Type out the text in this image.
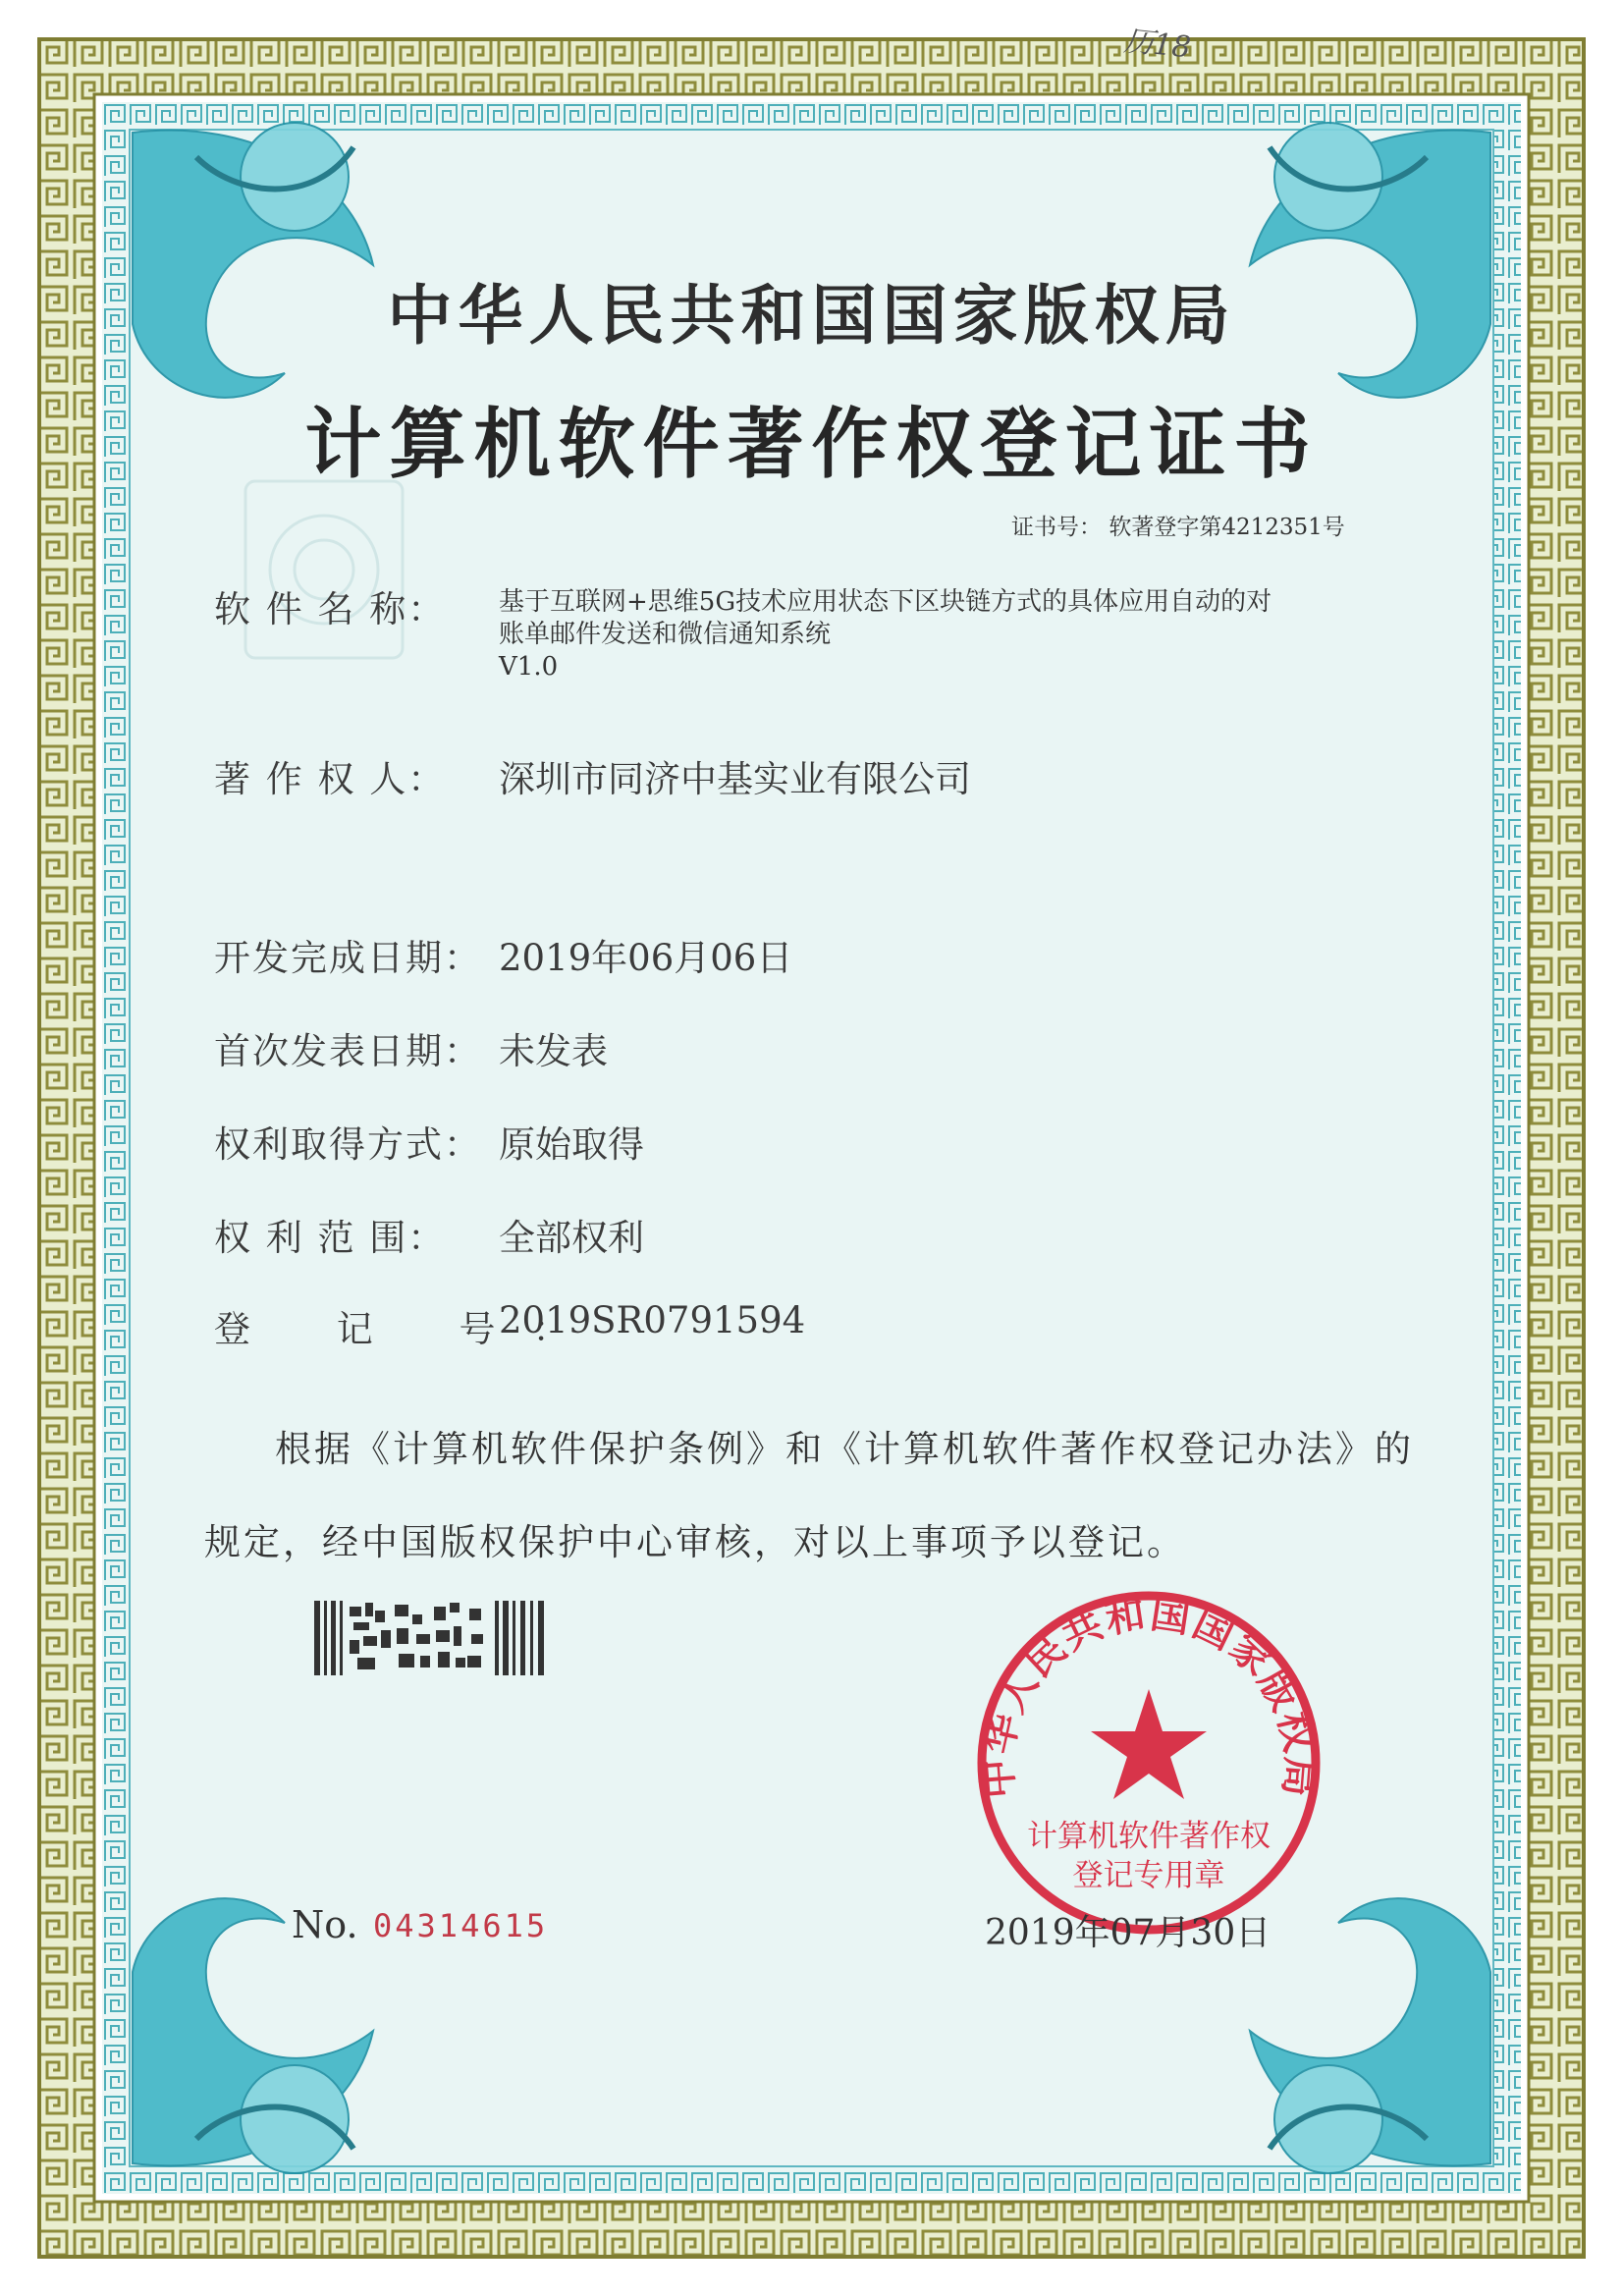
历18
中华人民共和国国家版权局
计算机软件著作权登记证书
证书号： 软著登字第4212351号
软 件 名 称： 基于互联网+思维5G技术应用状态下区块链方式的具体应用自动的对
账单邮件发送和微信通知系统
V1.0
著 作 权 人： 深圳市同济中基实业有限公司
开发完成日期： 2019年06月06日
首次发表日期： 未发表
权利取得方式： 原始取得
权 利 范 围： 全部权利
登 记 号：
2019SR0791594
根据《计算机软件保护条例》和《计算机软件著作权登记办法》的
规定，经中国版权保护中心审核，对以上事项予以登记。
中华人民共和国国家版权局
计算机软件著作权
登记专用章
No. 04314615	2019年07月30日
